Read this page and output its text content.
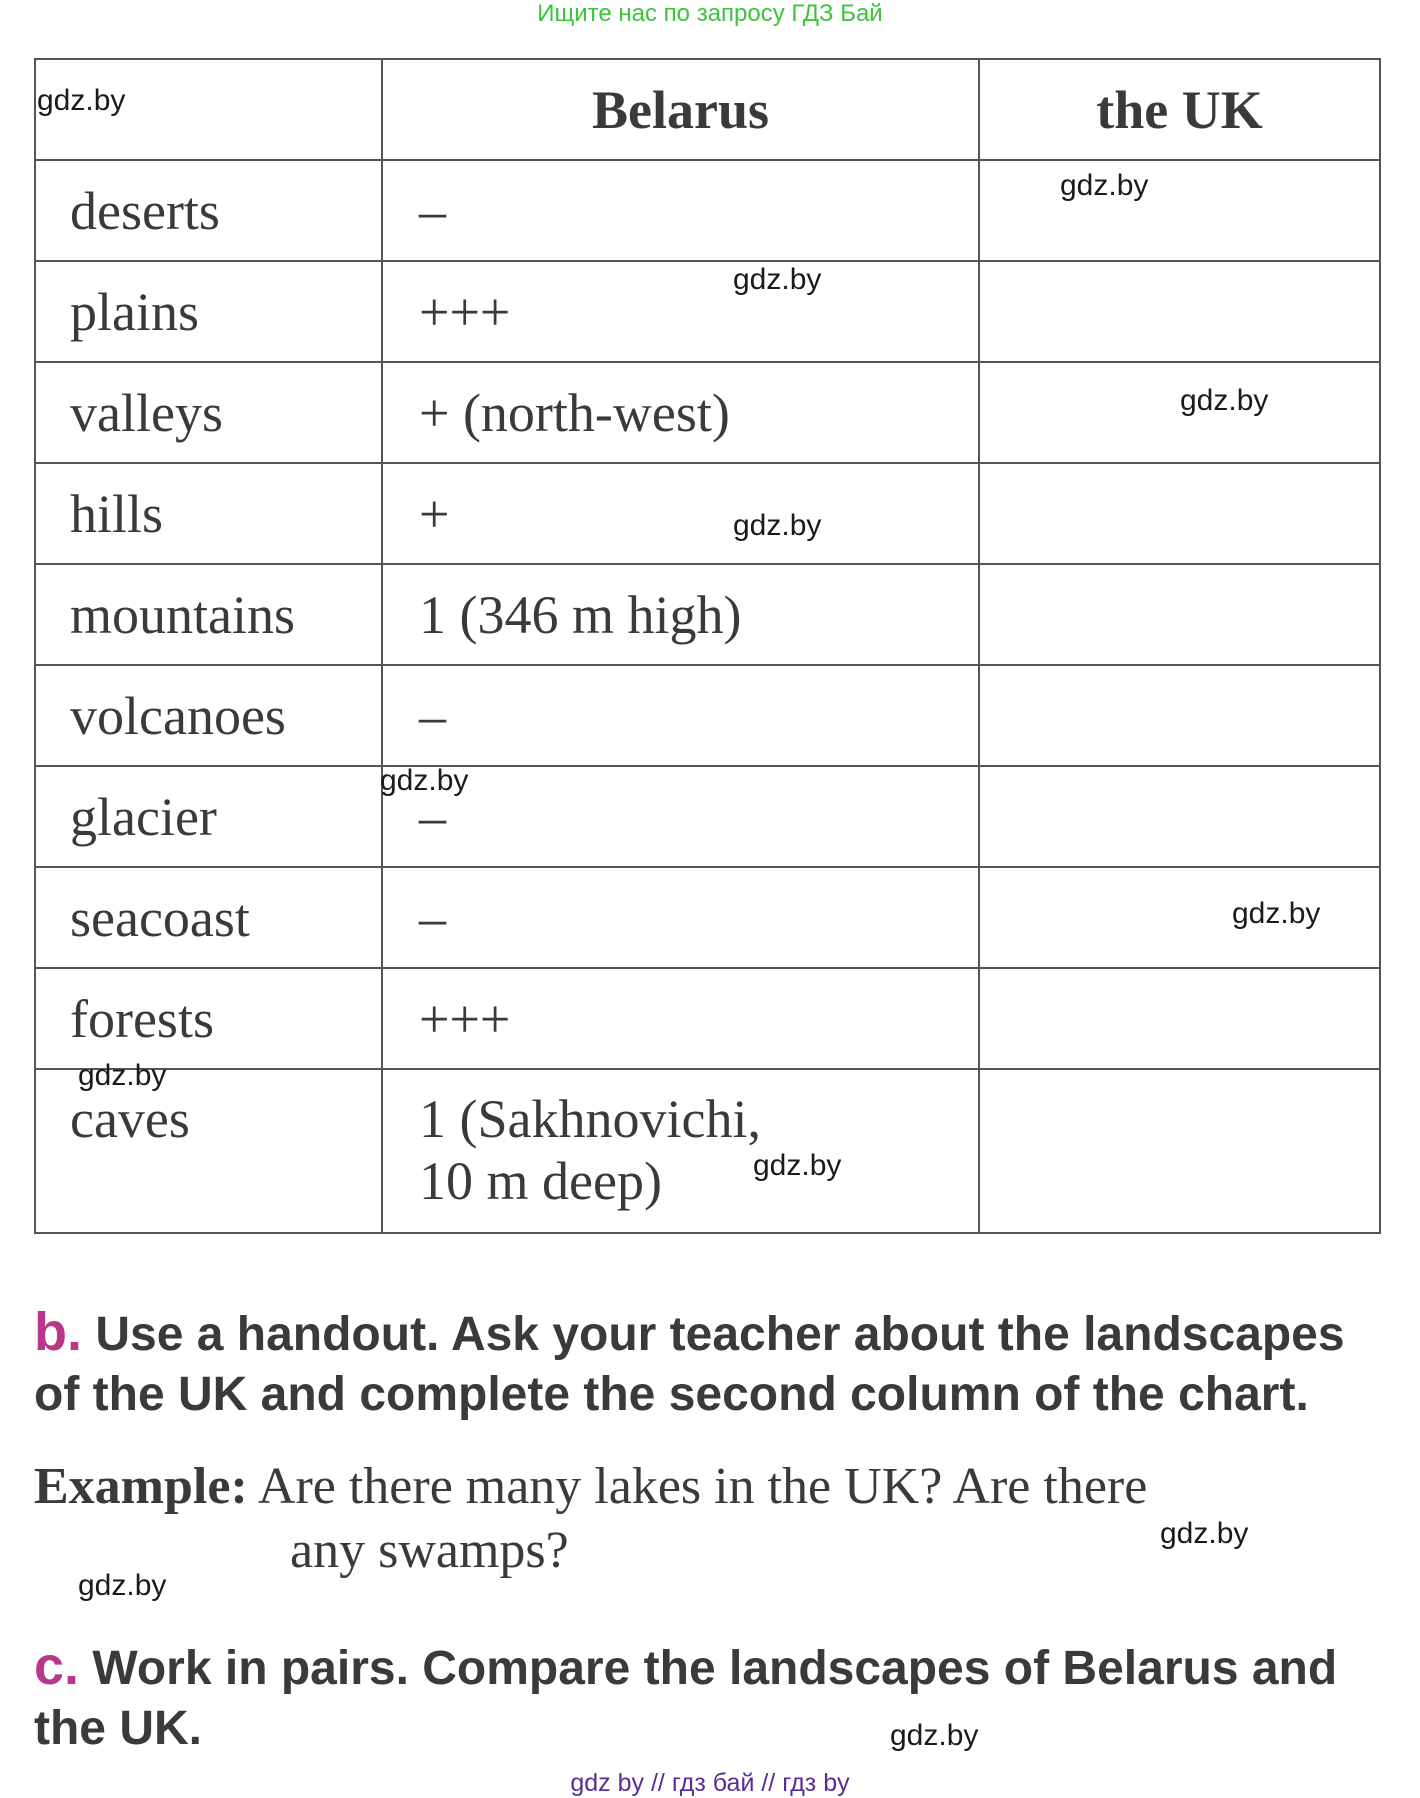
Ищите нас по запросу ГДЗ Бай
	Belarus	the UK
deserts	–	
plains	+++	
valleys	+ (north-west)	
hills	+	
mountains	1 (346 m high)	
volcanoes	–	
glacier	–	
seacoast	–	
forests	+++	
caves	1 (Sakhnovichi,
10 m deep)	

gdz.by
gdz.by
gdz.by
gdz.by
gdz.by
gdz.by
gdz.by
gdz.by
gdz.by
gdz.by
gdz.by
gdz.by
b. Use a handout. Ask your teacher about the landscapes of the UK and complete the second column of the chart.
Example: Are there many lakes in the UK? Are there
any swamps?
c. Work in pairs. Compare the landscapes of Belarus and the UK.
gdz by // гдз бай // гдз by
